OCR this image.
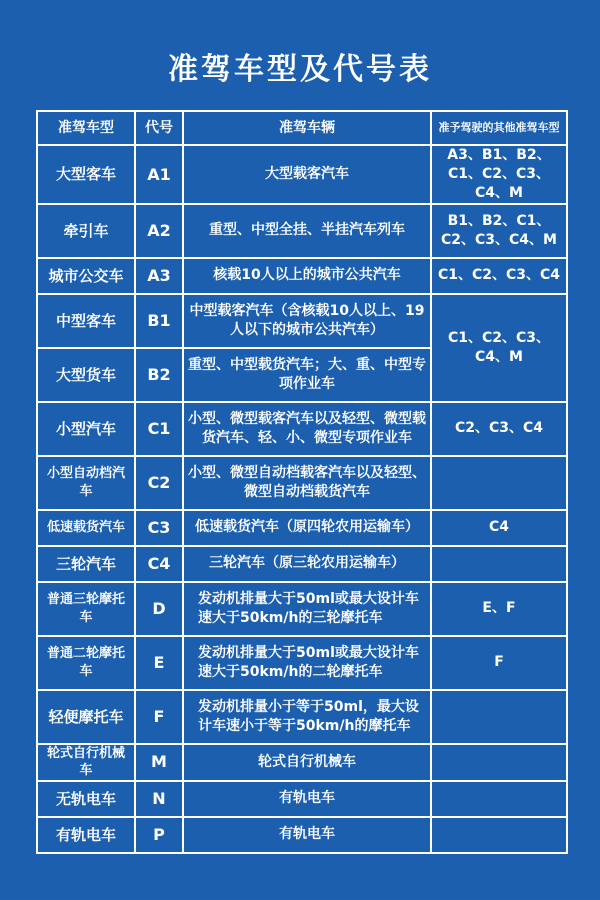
准驾车型及代号表
准驾车型	代号	准驾车辆	准予驾驶的其他准驾车型
大型客车	A1	大型载客汽车	A3、B1、B2、C1、C2、C3、C4、M
牵引车	A2	重型、中型全挂、半挂汽车列车	B1、B2、C1、C2、C3、C4、M
城市公交车	A3	核载10人以上的城市公共汽车	C1、C2、C3、C4
中型客车	B1	中型载客汽车（含核载10人以上、19人以下的城市公共汽车）	C1、C2、C3、C4、M
大型货车	B2	重型、中型载货汽车；大、重、中型专项作业车	
小型汽车	C1	小型、微型载客汽车以及轻型、微型载货汽车、轻、小、微型专项作业车	C2、C3、C4
小型自动档汽车	C2	小型、微型自动档载客汽车以及轻型、微型自动档载货汽车	
低速载货汽车	C3	低速载货汽车（原四轮农用运输车）	C4
三轮汽车	C4	三轮汽车（原三轮农用运输车）	
普通三轮摩托车	D	发动机排量大于50ml或最大设计车速大于50km/h的三轮摩托车	E、F
普通二轮摩托车	E	发动机排量大于50ml或最大设计车速大于50km/h的二轮摩托车	F
轻便摩托车	F	发动机排量小于等于50ml，最大设计车速小于等于50km/h的摩托车	
轮式自行机械车	M	轮式自行机械车	
无轨电车	N	有轨电车	
有轨电车	P	有轨电车	
